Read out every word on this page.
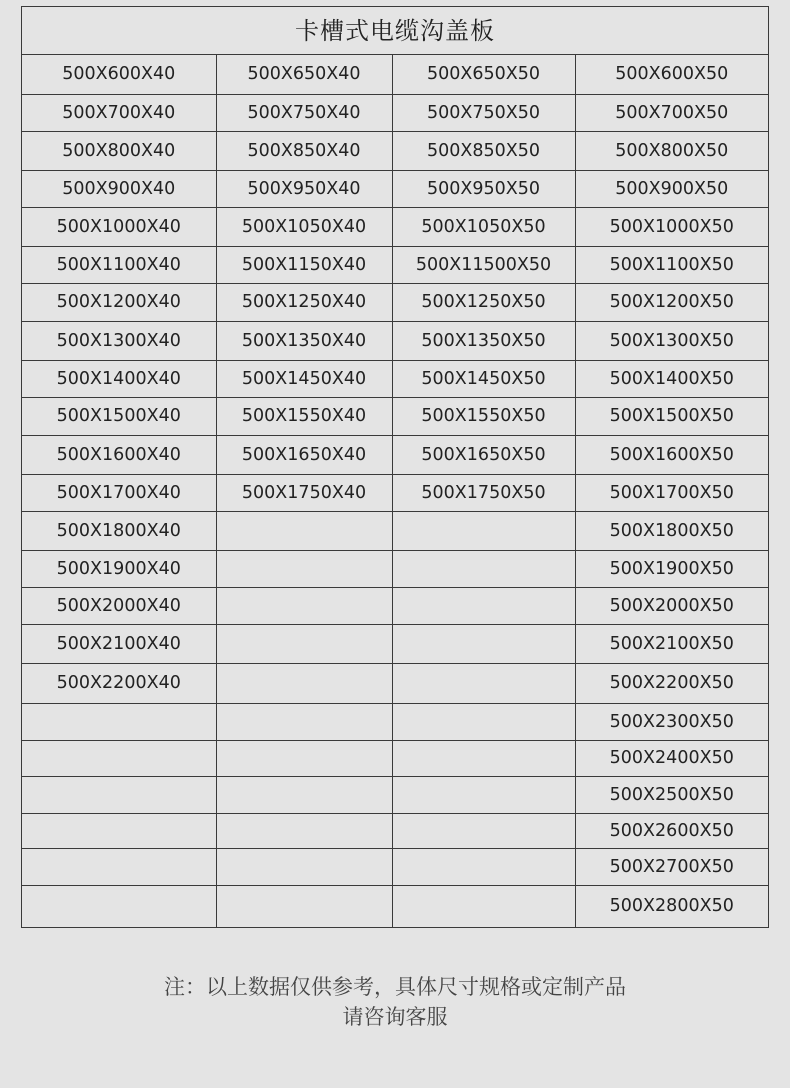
卡槽式电缆沟盖板
500X600X40	500X650X40	500X650X50	500X600X50
500X700X40	500X750X40	500X750X50	500X700X50
500X800X40	500X850X40	500X850X50	500X800X50
500X900X40	500X950X40	500X950X50	500X900X50
500X1000X40	500X1050X40	500X1050X50	500X1000X50
500X1100X40	500X1150X40	500X11500X50	500X1100X50
500X1200X40	500X1250X40	500X1250X50	500X1200X50
500X1300X40	500X1350X40	500X1350X50	500X1300X50
500X1400X40	500X1450X40	500X1450X50	500X1400X50
500X1500X40	500X1550X40	500X1550X50	500X1500X50
500X1600X40	500X1650X40	500X1650X50	500X1600X50
500X1700X40	500X1750X40	500X1750X50	500X1700X50
500X1800X40			500X1800X50
500X1900X40			500X1900X50
500X2000X40			500X2000X50
500X2100X40			500X2100X50
500X2200X40			500X2200X50
			500X2300X50
			500X2400X50
			500X2500X50
			500X2600X50
			500X2700X50
			500X2800X50
注：以上数据仅供参考，具体尺寸规格或定制产品
请咨询客服
